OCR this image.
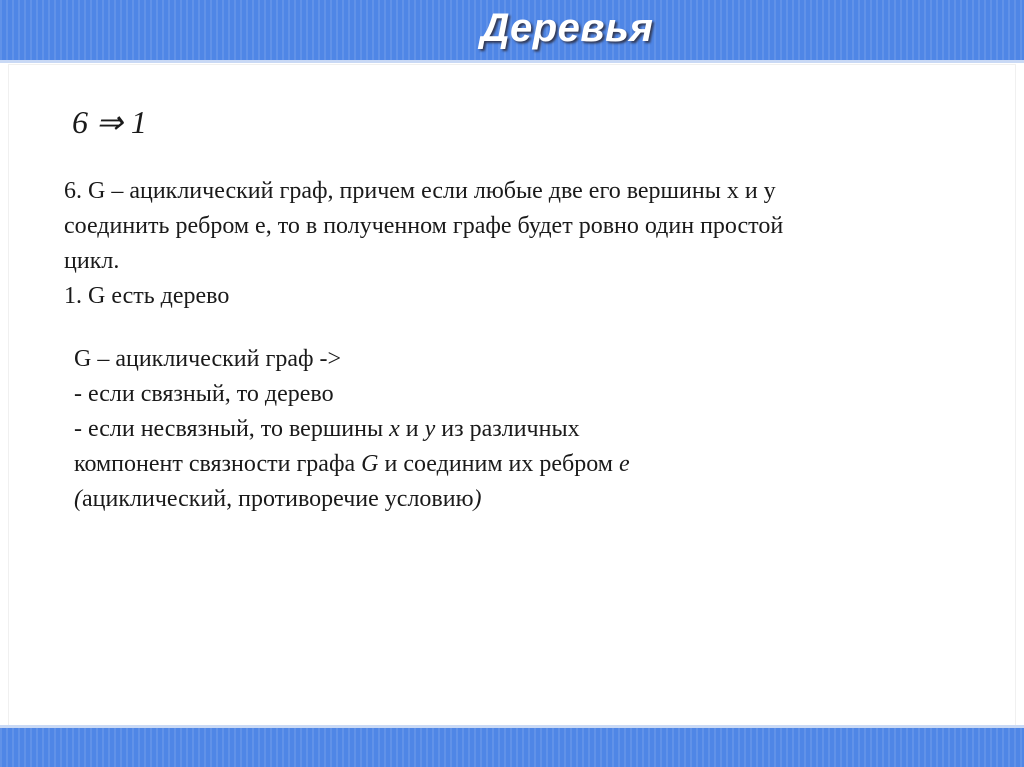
Деревья
6 ⇒ 1

6. G – ациклический граф, причем если любые две его вершины x и y

соединить ребром e, то в полученном графе будет ровно один простой

цикл.

1. G есть дерево

G – ациклический граф ->

- если связный, то дерево

- если несвязный, то вершины x и y из различных

компонент связности графа G и соединим их ребром e

(ациклический, противоречие условию)
